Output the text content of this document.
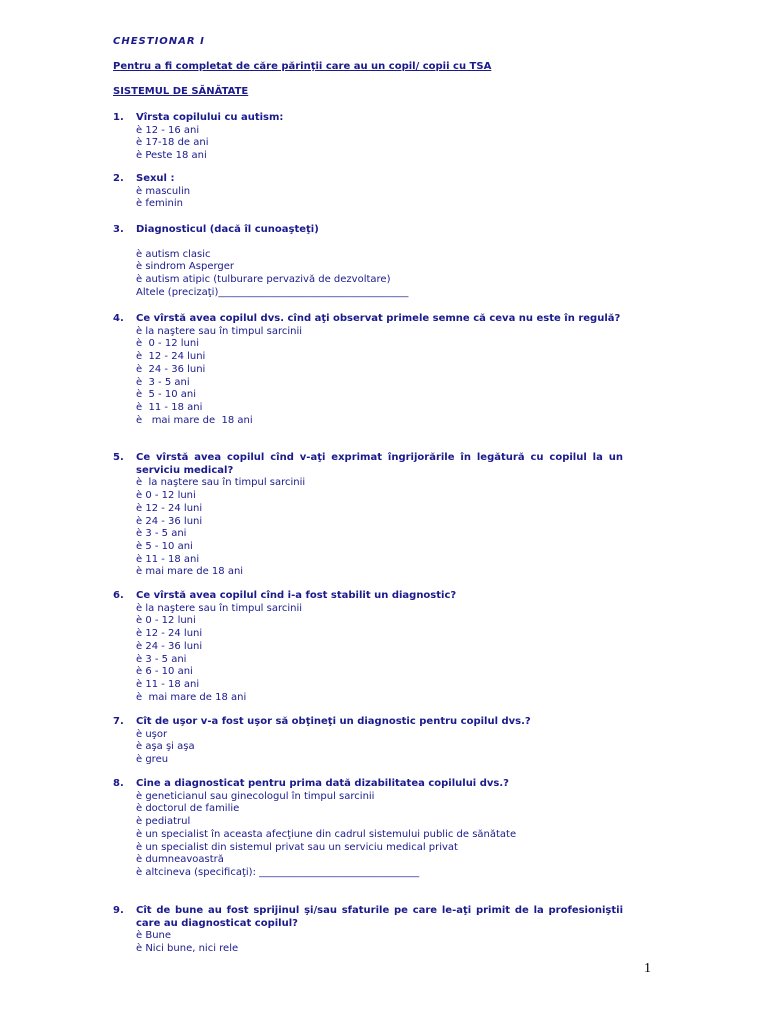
CHESTIONAR I
Pentru a fi completat de căre părinţii care au un copil/ copii cu TSA
SISTEMUL DE SĂNĂTATE
1. Vîrsta copilului cu autism:
è 12 - 16 ani
è 17-18 de ani
è Peste 18 ani
2. Sexul :
è masculin
è feminin
3. Diagnosticul (dacă îl cunoaşteţi)
è autism clasic
è sindrom Asperger
è autism atipic (tulburare pervazivă de dezvoltare)
Altele (precizaţi)______________________________________
4. Ce vîrstă avea copilul dvs. cînd aţi observat primele semne că ceva nu este în regulă?
è la naştere sau în timpul sarcinii
è  0 - 12 luni
è  12 - 24 luni
è  24 - 36 luni
è  3 - 5 ani
è  5 - 10 ani
è  11 - 18 ani
è   mai mare de  18 ani
5. Ce vîrstă avea copilul cînd v-aţi exprimat îngrijorările în legătură cu copilul la un serviciu medical?
è  la naştere sau în timpul sarcinii
è 0 - 12 luni
è 12 - 24 luni
è 24 - 36 luni
è 3 - 5 ani
è 5 - 10 ani
è 11 - 18 ani
è mai mare de 18 ani
6. Ce vîrstă avea copilul cînd i-a fost stabilit un diagnostic?
è la naştere sau în timpul sarcinii
è 0 - 12 luni
è 12 - 24 luni
è 24 - 36 luni
è 3 - 5 ani
è 6 - 10 ani
è 11 - 18 ani
è  mai mare de 18 ani
7. Cît de uşor v-a fost uşor să obţineţi un diagnostic pentru copilul dvs.?
è uşor
è aşa şi aşa
è greu
8. Cine a diagnosticat pentru prima dată dizabilitatea copilului dvs.?
è geneticianul sau ginecologul în timpul sarcinii
è doctorul de familie
è pediatrul
è un specialist în aceasta afecţiune din cadrul sistemului public de sănătate
è un specialist din sistemul privat sau un serviciu medical privat
è dumneavoastră
è altcineva (specificaţi): ________________________________
9. Cît de bune au fost sprijinul şi/sau sfaturile pe care le-aţi primit de la profesioniştii care au diagnosticat copilul?
è Bune
è Nici bune, nici rele
1
